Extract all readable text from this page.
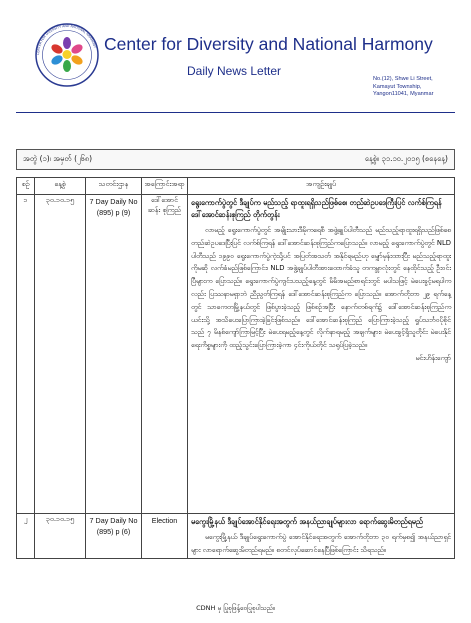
CENTER FOR DIVERSITY AND NATIONAL HARMONY Center for Diversity and National Harmony
Daily News Letter
No.(12), Shwe Li Street,
Kamayut Township,
Yangon11041, Myanmar
အတွဲ (၁)၊ အမှတ် (၂၆၈)	နေ့စွဲ။ ၃၁.၁၀.၂၀၁၅ (စနေနေ့)
စဉ်	နေ့စွဲ	သတင်းဌာန	အကြောင်းအရာ	အကျဉ်းချုပ်
၁	၃၀.၁၀.၁၅	7 Day Daily No (895) p (9)	ဒေါ်အောင်ဆန်း စုကြည်	ရွေးကောက်ပွဲတွင် ဒီချုပ်က မည်သည့် ရာထူးရရှိသည်ဖြစ်စေ၊ တည်ဆဲဥပဒေကြီးပြင် လက်စ်ကြရန် ဒေါ်အောင်ဆန်းစုကြည် တိုက်တွန်း
လာမည့် ရွေးကောက်ပွဲတွင် အမျိုးသားဒီမိုကရေစီ အဖွဲ့ချုပ်ပါတီသည် မည်သည့်ရာထူးရရှိသည်ဖြစ်စေ တည်ဆဲဥပဒေပြီးပြင် လက်စ်ကြရန် ဒေါ်အောင်ဆန်းစုကြည်ကပြောသည်။ လာမည့် ရွေးကောက်ပွဲတွင် NLD ပါတီသည် ၁၉၉၀ ရွေးကောက်ပွဲကဲ့သို့ပင် အပြတ်အသတ် အနိုင်ရမည်ဟု မျှော်မှန်းထားပြီး မည်သည့်ရာထူးကိုမဆို လက်ခံမည်ဖြစ်ကြောင်း၊ NLD အဖွဲ့ချုပ်ပါတီအားထောက်ခံသူ တကမ္ဘာလုံးတွင် နေထိုင်သည့် ဦးဝင်းပြီများက ပြောသည်။ ရွေးကောက်ပွဲကျင်းပသည့်နေ့တွင် မိမိအမည်စာရင်းတွင် မပါသဖြင့် မဲပေးခွင့်မရပါကလည်း ပြဿနာမရှာဘဲ ညီညွတ်ကြရန် ဒေါ်အောင်ဆန်းစုကြည်က ပြောသည်။ အောက်တိုဘာ ၂၉ ရက်နေ့တွင် သာကေတမြို့နယ်တွင် ဖြစ်ပွားခဲ့သည့် ဖြစ်စဉ်အပြီး နောက်တစ်ရက်၌ ဒေါ်အောင်ဆန်းစုကြည်က ယင်းသို့ အသိပေးပြောကြားခဲ့ခြင်းဖြစ်သည်။ ဒေါ်အောင်ဆန်းစုကြည် ပြောကြားခဲ့သည့် ရှုပ်သင်္ဘဝပိုစိုင် သည် ၇ မိနစ်ကျော်ကြာမြင့်ပြီး မဲပေးရမည့်နေ့တွင် လိုက်နာရမည့် အချက်များ၊ မဲပေးခွင့်ရှိသူတိုင်း မဲပေးနိုင်ရေးကိစ္စများကို ထည့်သွင်းပြောကြားခဲ့ကာ ၄င်းကိုယ်တိုင် သရုပ်ပြခဲ့သည်။
မင်းဟိန်းကျော်

၂	၃၀.၁၀.၁၅	7 Day Daily No (895) p (6)	Election	မကွေးမြို့နယ် ဒီချုပ်အောင်နိုင်ရေးအတွက် အနယ်ညာချုပ်များလာ ရောက်ဆွေးမိတည်ရမည်
မကွေးမြို့နယ် ဒီချုပ်ရွေးကောက်ပွဲ အောင်နိုင်ရေးအတွက် အောက်တိုဘာ ၃၀ ရက်မှစ၍ အနယ်ညာရှင်များ လာရောက်ဆွေးမိတည်ရမည်။ စတင်လုပ်ဆောင်နေပြီဖြစ်ကြောင်း သိရသည်။
CDNH မှ ပြုစုဖြန့်ဝေပြုစုပါသည်။
